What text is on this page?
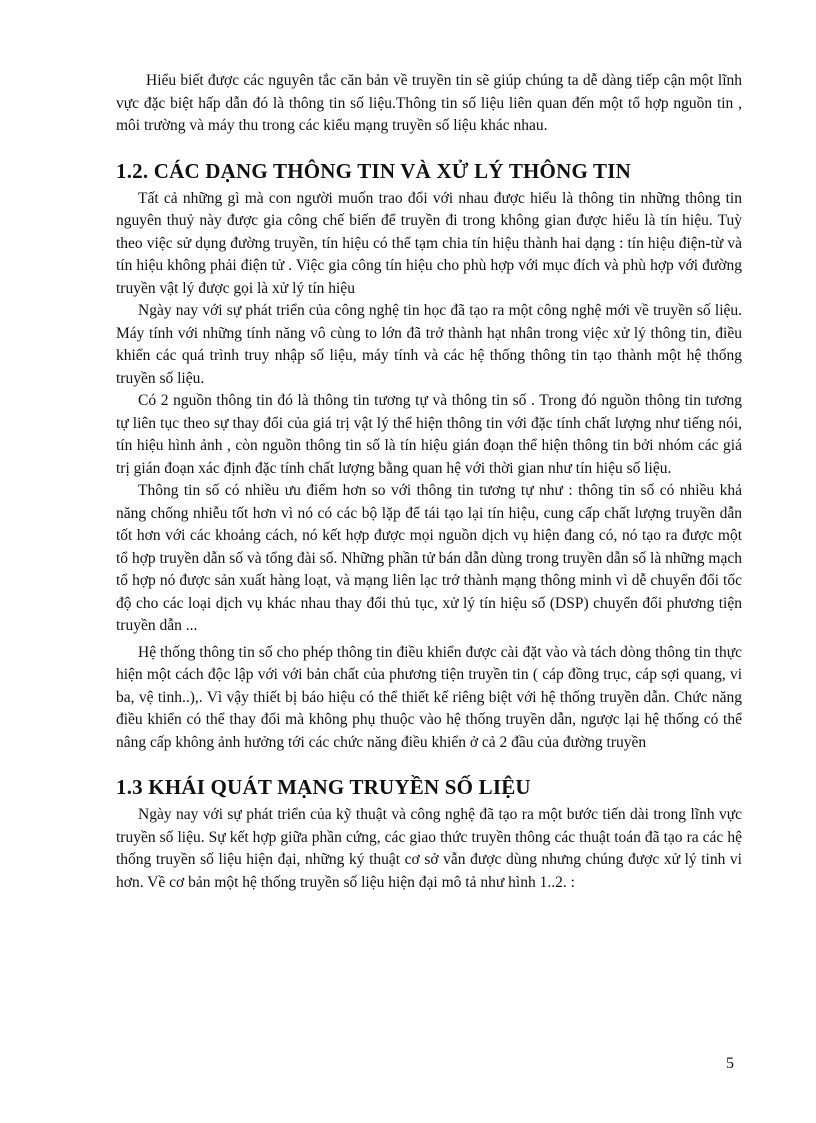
Hiểu biết được các nguyên tắc căn bản về truyền tin sẽ giúp chúng ta dễ dàng tiếp cận một lĩnh vực đặc biệt hấp dẫn đó là thông tin số liệu.Thông tin số liệu liên quan đến một tổ hợp nguồn tin , môi trường và máy thu trong các kiểu mạng truyền số liệu khác nhau.

1.2. CÁC DẠNG THÔNG TIN VÀ XỬ LÝ THÔNG TIN

Tất cả những gì mà con người muốn trao đổi với nhau được hiểu là thông tin những thông tin nguyên thuỷ này được gia công chế biến để truyền đi trong không gian được hiểu là tín hiệu. Tuỳ theo việc sử dụng đường truyền, tín hiệu có thể tạm chia tín hiệu thành hai dạng : tín hiệu điện-từ và tín hiệu không phải điện tử . Việc gia công tín hiệu cho phù hợp với mục đích và phù hợp với đường truyền vật lý được gọi là xử lý tín hiệu

Ngày nay với sự phát triển của công nghệ tin học đã tạo ra một công nghệ mới về truyền số liệu. Máy tính với những tính năng vô cùng to lớn đã trở thành hạt nhân trong việc xử lý thông tin, điều khiển các quá trình truy nhập số liệu, máy tính và các hệ thống thông tin tạo thành một hệ thống truyền số liệu.

Có 2 nguồn thông tin đó là thông tin tương tự và thông tin số . Trong đó nguồn thông tin tương tự liên tục theo sự thay đổi của giá trị vật lý thể hiện thông tin với đặc tính chất lượng như tiếng nói, tín hiệu hình ảnh , còn nguồn thông tin số là tín hiệu gián đoạn thể hiện thông tin bởi nhóm các giá trị gián đoạn xác định đặc tính chất lượng bằng quan hệ với thời gian như tín hiệu số liệu.

Thông tin số có nhiều ưu điểm hơn so với thông tin tương tự như : thông tin số có nhiều khả năng chống nhiễu tốt hơn vì nó có các bộ lặp để tái tạo lại tín hiệu, cung cấp chất lượng truyền dẫn tốt hơn với các khoảng cách, nó kết hợp được mọi nguồn dịch vụ hiện đang có, nó tạo ra được một tổ hợp truyền dẫn số và tổng đài số. Những phần tử bán dẫn dùng trong truyền dẫn số là những mạch tổ hợp nó được sản xuất hàng loạt, và mạng liên lạc trở thành mạng thông minh vì dễ chuyển đổi tốc độ cho các loại dịch vụ khác nhau thay đổi thủ tục, xử lý tín hiệu số (DSP) chuyển đổi phương tiện truyền dẫn ...

Hệ thống thông tin số cho phép thông tin điều khiển được cài đặt vào và tách dòng thông tin thực hiện một cách độc lập với với bản chất của phương tiện truyền tin ( cáp đồng trục, cáp sợi quang, vi ba, vệ tinh..),. Vì vậy thiết bị báo hiệu có thể thiết kế riêng biệt với hệ thống truyền dẫn. Chức năng điều khiển có thể thay đổi mà không phụ thuộc vào hệ thống truyền dẫn, ngược lại hệ thống có thể nâng cấp không ảnh hưởng tới các chức năng điều khiển ở cả 2 đầu của đường truyền

1.3 KHÁI QUÁT MẠNG TRUYỀN SỐ LIỆU

Ngày nay với sự phát triển của kỹ thuật và công nghệ đã tạo ra một bước tiến dài trong lĩnh vực truyền số liệu. Sự kết hợp giữa phần cứng, các giao thức truyền thông các thuật toán đã tạo ra các hệ thống truyền số liệu hiện đại, những ký thuật cơ sở vẫn được dùng nhưng chúng được xử lý tinh vi hơn. Về cơ bản một hệ thống truyền số liệu hiện đại mô tả như hình 1..2. :

5
